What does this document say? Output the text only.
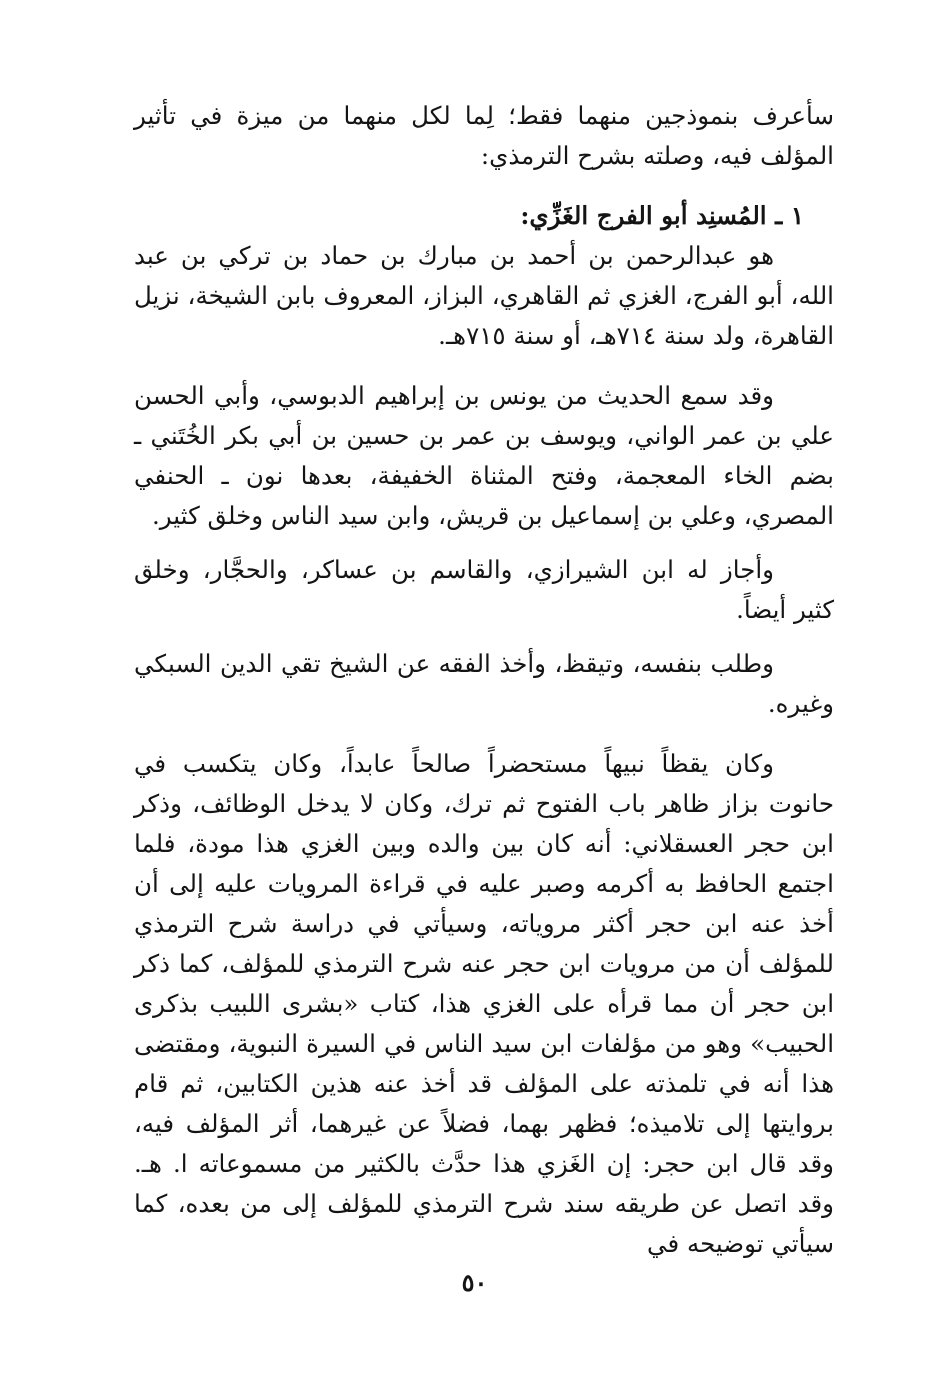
سأعرف بنموذجين منهما فقط؛ لِما لكل منهما من ميزة في تأثير المؤلف فيه، وصلته بشرح الترمذي:

١ ـ المُسنِد أبو الفرج الغَزِّي:

هو عبدالرحمن بن أحمد بن مبارك بن حماد بن تركي بن عبد الله، أبو الفرج، الغزي ثم القاهري، البزاز، المعروف بابن الشيخة، نزيل القاهرة، ولد سنة ٧١٤هـ، أو سنة ٧١٥هـ.

وقد سمع الحديث من يونس بن إبراهيم الدبوسي، وأبي الحسن علي بن عمر الواني، ويوسف بن عمر بن حسين بن أبي بكر الخُتَني ـ بضم الخاء المعجمة، وفتح المثناة الخفيفة، بعدها نون ـ الحنفي المصري، وعلي بن إسماعيل بن قريش، وابن سيد الناس وخلق كثير.

وأجاز له ابن الشيرازي، والقاسم بن عساكر، والحجَّار، وخلق كثير أيضاً.

وطلب بنفسه، وتيقظ، وأخذ الفقه عن الشيخ تقي الدين السبكي وغيره.

وكان يقظاً نبيهاً مستحضراً صالحاً عابداً، وكان يتكسب في حانوت بزاز ظاهر باب الفتوح ثم ترك، وكان لا يدخل الوظائف، وذكر ابن حجر العسقلاني: أنه كان بين والده وبين الغزي هذا مودة، فلما اجتمع الحافظ به أكرمه وصبر عليه في قراءة المرويات عليه إلى أن أخذ عنه ابن حجر أكثر مروياته، وسيأتي في دراسة شرح الترمذي للمؤلف أن من مرويات ابن حجر عنه شرح الترمذي للمؤلف، كما ذكر ابن حجر أن مما قرأه على الغزي هذا، كتاب «بشرى اللبيب بذكرى الحبيب» وهو من مؤلفات ابن سيد الناس في السيرة النبوية، ومقتضى هذا أنه في تلمذته على المؤلف قد أخذ عنه هذين الكتابين، ثم قام بروايتها إلى تلاميذه؛ فظهر بهما، فضلاً عن غيرهما، أثر المؤلف فيه، وقد قال ابن حجر: إن الغَزي هذا حدَّث بالكثير من مسموعاته ا. هـ. وقد اتصل عن طريقه سند شرح الترمذي للمؤلف إلى من بعده، كما سيأتي توضيحه في

٥٠
